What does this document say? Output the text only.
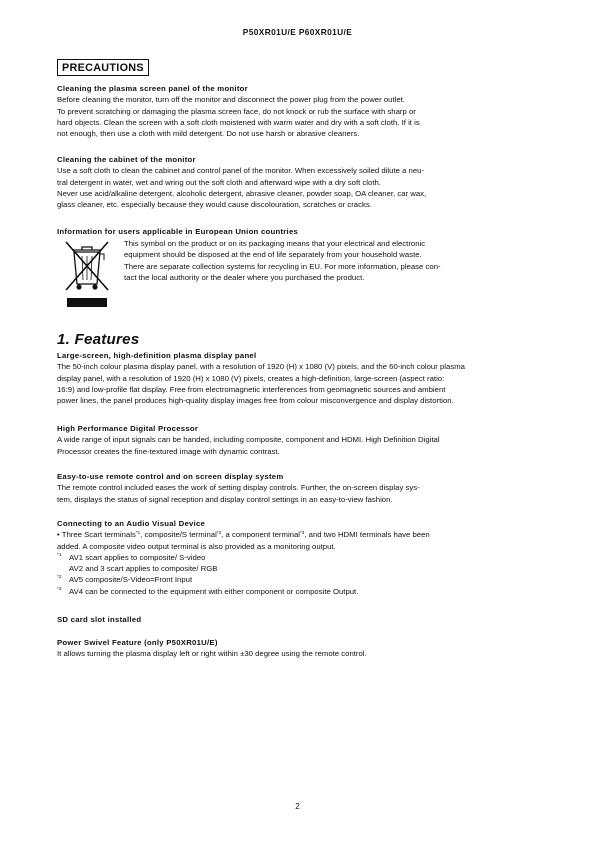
P50XR01U/E P60XR01U/E
PRECAUTIONS
Cleaning the plasma screen panel of the monitor
Before cleaning the monitor, turn off the monitor and disconnect the power plug from the power outlet.
To prevent scratching or damaging the plasma screen face, do not knock or rub the surface with sharp or
hard objects. Clean the screen with a soft cloth moistened with warm water and dry with a soft cloth. If it is
not enough, then use a cloth with mild detergent. Do not use harsh or abrasive cleaners.
Cleaning the cabinet of the monitor
Use a soft cloth to clean the cabinet and control panel of the monitor. When excessively soiled dilute a neu-
tral detergent in water, wet and wring out the soft cloth and afterward wipe with a dry soft cloth.
Never use acid/alkaline detergent, alcoholic detergent, abrasive cleaner, powder soap, OA cleaner, car wax,
glass cleaner, etc. especially because they would cause discolouration, scratches or cracks.
Information for users applicable in European Union countries
This symbol on the product or on its packaging means that your electrical and electronic
equipment should be disposed at the end of life separately from your household waste.
There are separate collection systems for recycling in EU. For more information, please con-
tact the local authority or the dealer where you purchased the product.
1. Features
Large-screen, high-definition plasma display panel
The 50-inch colour plasma display panel, with a resolution of 1920 (H) x 1080 (V) pixels, and the 60-inch colour plasma
display panel, with a resolution of 1920 (H) x 1080 (V) pixels, creates a high-definition, large-screen (aspect ratio:
16:9) and low-profile flat display. Free from electromagnetic interferences from geomagnetic sources and ambient
power lines, the panel produces high-quality display images free from colour misconvergence and display distortion.
High Performance Digital Processor
A wide range of input signals can be handed, including composite, component and HDMI. High Definition Digital
Processor creates the fine-textured image with dynamic contrast.
Easy-to-use remote control and on screen display system
The remote control included eases the work of setting display controls. Further, the on-screen display sys-
tem, displays the status of signal reception and display control settings in an easy-to-view fashion.
Connecting to an Audio Visual Device
• Three Scart terminals$^{*1}$, composite/S terminal$^{*2}$, a component terminal$^{*3}$, and two HDMI terminals have been
added. A composite video output terminal is also provided as a monitoring output.
*1 AV1 scart applies to composite/ S-video
AV2 and 3 scart applies to composite/ RGB
*2 AV5 composite/S-Video=Front Input
*3 AV4 can be connected to the equipment with either component or composite Output.
SD card slot installed
Power Swivel Feature (only P50XR01U/E)
It allows turning the plasma display left or right within ±30 degree using the remote control.
2
